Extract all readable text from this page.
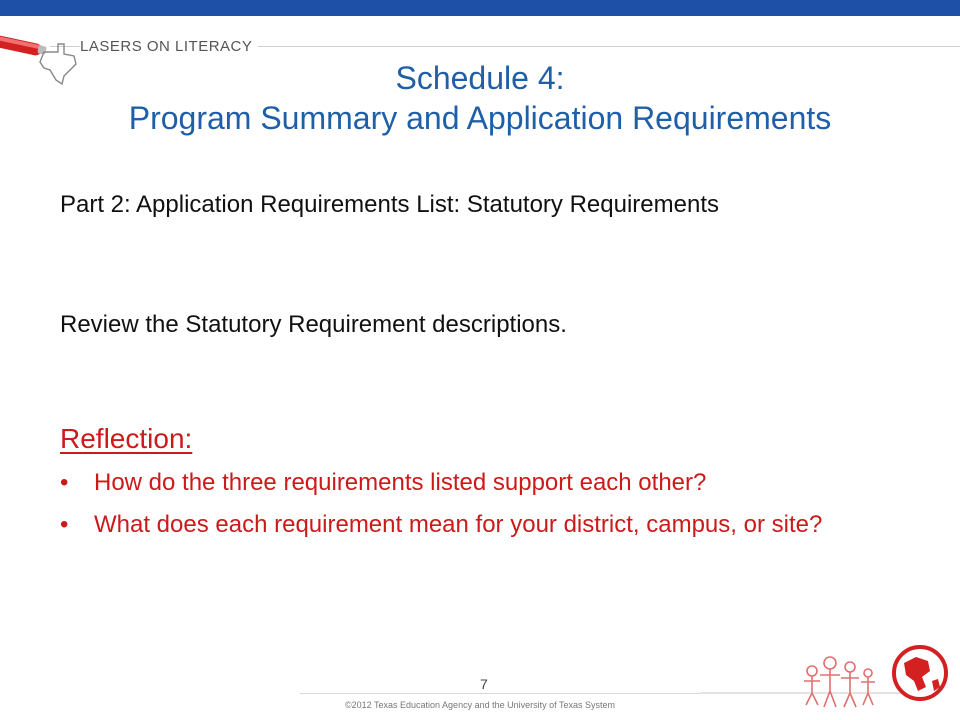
LASERS ON LITERACY
Schedule 4:
Program Summary and Application Requirements
Part 2: Application Requirements List: Statutory Requirements
Review the Statutory Requirement descriptions.
Reflection:
• How do the three requirements listed support each other?
• What does each requirement mean for your district, campus, or site?
7
©2012 Texas Education Agency and the University of Texas System
